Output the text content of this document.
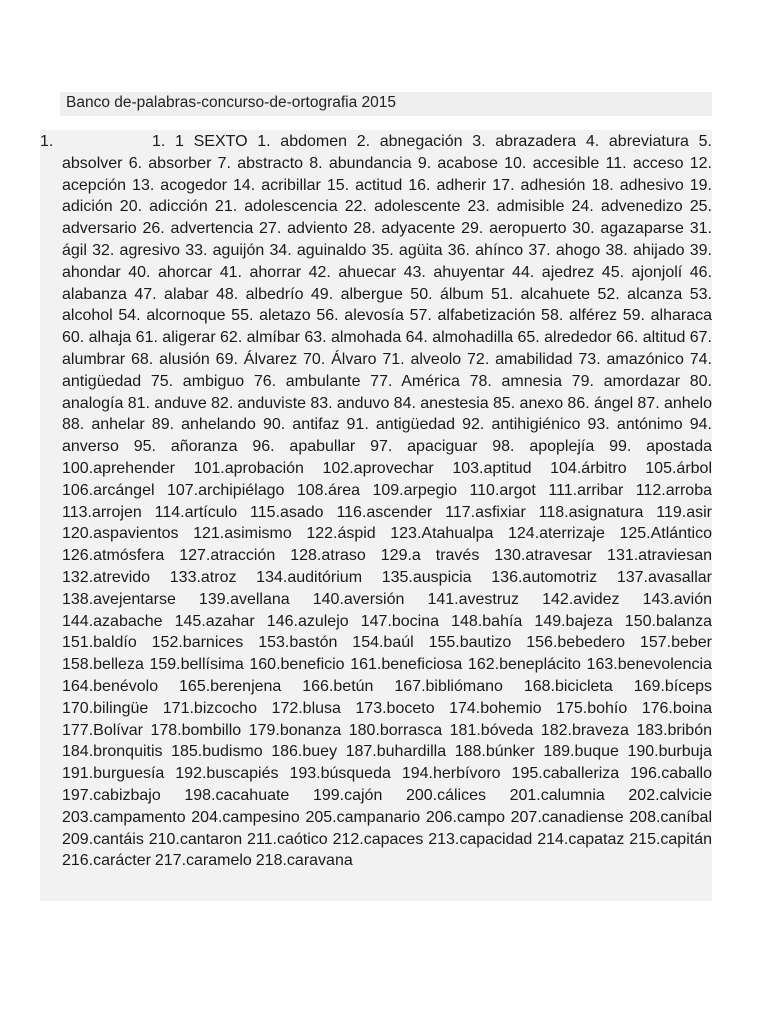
Banco de-palabras-concurso-de-ortografia 2015
1.	1. 1 SEXTO 1. abdomen 2. abnegación 3. abrazadera 4. abreviatura 5. absolver 6. absorber 7. abstracto 8. abundancia 9. acabose 10. accesible 11. acceso 12. acepción 13. acogedor 14. acribillar 15. actitud 16. adherir 17. adhesión 18. adhesivo 19. adición 20. adicción 21. adolescencia 22. adolescente 23. admisible 24. advenedizo 25. adversario 26. advertencia 27. adviento 28. adyacente 29. aeropuerto 30. agazaparse 31. ágil 32. agresivo 33. aguijón 34. aguinaldo 35. agüita 36. ahínco 37. ahogo 38. ahijado 39. ahondar 40. ahorcar 41. ahorrar 42. ahuecar 43. ahuyentar 44. ajedrez 45. ajonjolí 46. alabanza 47. alabar 48. albedrío 49. albergue 50. álbum 51. alcahuete 52. alcanza 53. alcohol 54. alcornoque 55. aletazo 56. alevosía 57. alfabetización 58. alférez 59. alharaca 60. alhaja 61. aligerar 62. almíbar 63. almohada 64. almohadilla 65. alrededor 66. altitud 67. alumbrar 68. alusión 69. Álvarez 70. Álvaro 71. alveolo 72. amabilidad 73. amazónico 74. antigüedad 75. ambiguo 76. ambulante 77. América 78. amnesia 79. amordazar 80. analogía 81. anduve 82. anduviste 83. anduvo 84. anestesia 85. anexo 86. ángel 87. anhelo 88. anhelar 89. anhelando 90. antifaz 91. antigüedad 92. antihigiénico 93. antónimo 94. anverso 95. añoranza 96. apabullar 97. apaciguar 98. apoplejía 99. apostada 100.aprehender 101.aprobación 102.aprovechar 103.aptitud 104.árbitro 105.árbol 106.arcángel 107.archipiélago 108.área 109.arpegio 110.argot 111.arribar 112.arroba 113.arrojen 114.artículo 115.asado 116.ascender 117.asfixiar 118.asignatura 119.asir 120.aspavientos 121.asimismo 122.áspid 123.Atahualpa 124.aterrizaje 125.Atlántico 126.atmósfera 127.atracción 128.atraso 129.a través 130.atravesar 131.atraviesan 132.atrevido 133.atroz 134.auditórium 135.auspicia 136.automotriz 137.avasallar 138.avejentarse 139.avellana 140.aversión 141.avestruz 142.avidez 143.avión 144.azabache 145.azahar 146.azulejo 147.bocina 148.bahía 149.bajeza 150.balanza 151.baldío 152.barnices 153.bastón 154.baúl 155.bautizo 156.bebedero 157.beber 158.belleza 159.bellísima 160.beneficio 161.beneficiosa 162.beneplácito 163.benevolencia 164.benévolo 165.berenjena 166.betún 167.bibliómano 168.bicicleta 169.bíceps 170.bilingüe 171.bizcocho 172.blusa 173.boceto 174.bohemio 175.bohío 176.boina 177.Bolívar 178.bombillo 179.bonanza 180.borrasca 181.bóveda 182.braveza 183.bribón 184.bronquitis 185.budismo 186.buey 187.buhardilla 188.búnker 189.buque 190.burbuja 191.burguesía 192.buscapiés 193.búsqueda 194.herbívoro 195.caballeriza 196.caballo 197.cabizbajo 198.cacahuate 199.cajón 200.cálices 201.calumnia 202.calvicie 203.campamento 204.campesino 205.campanario 206.campo 207.canadiense 208.caníbal 209.cantáis 210.cantaron 211.caótico 212.capaces 213.capacidad 214.capataz 215.capitán 216.carácter 217.caramelo 218.caravana
